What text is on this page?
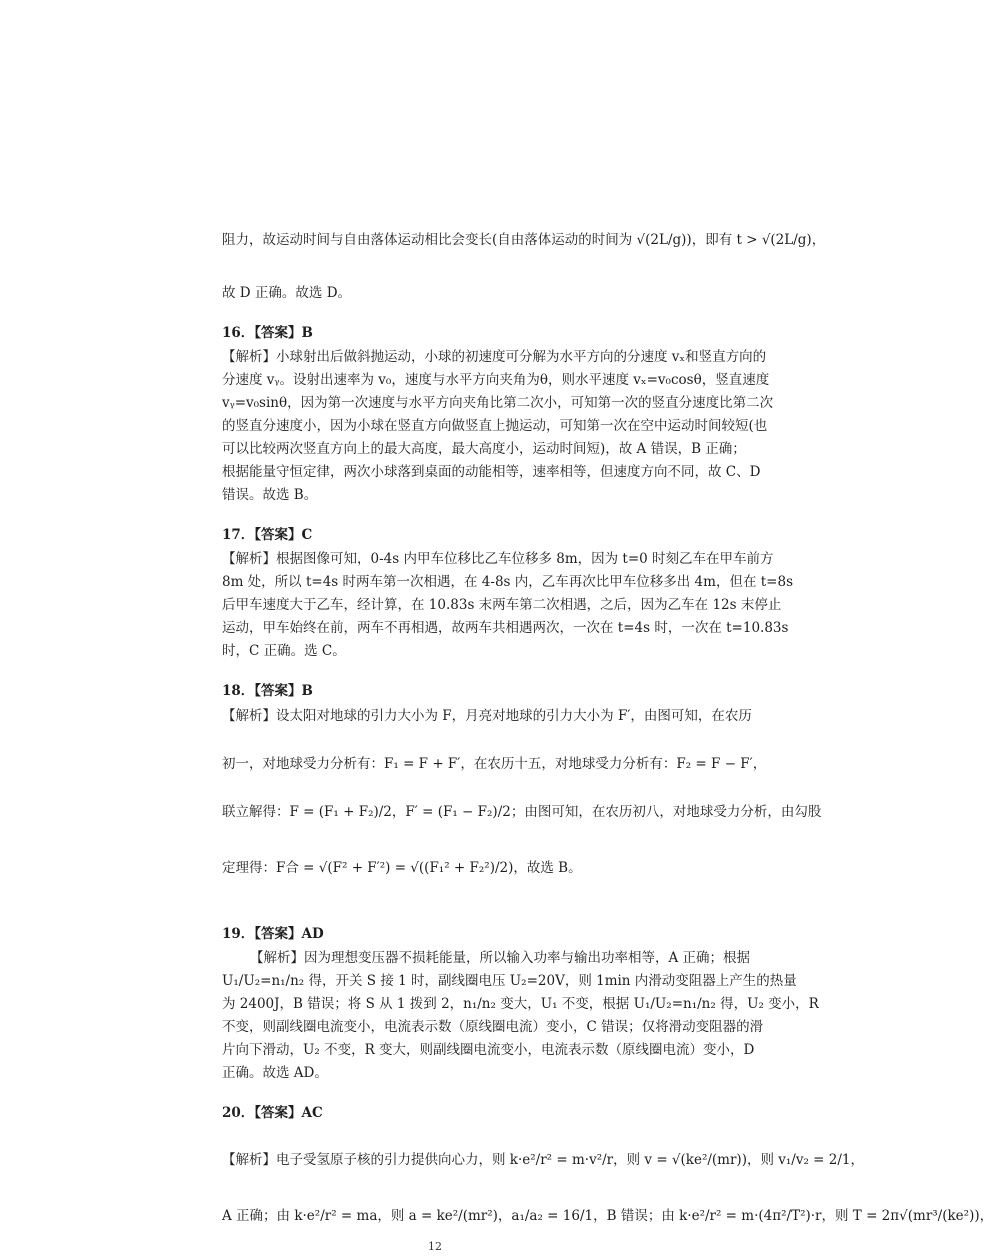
12
阻力，故运动时间与自由落体运动相比会变长(自由落体运动的时间为 √(2L/g))，即有 t > √(2L/g)，
故 D 正确。故选 D。
16．【答案】B
【解析】小球射出后做斜抛运动，小球的初速度可分解为水平方向的分速度 vₓ和竖直方向的
分速度 vᵧ。设射出速率为 v₀，速度与水平方向夹角为θ，则水平速度 vₓ=v₀cosθ，竖直速度
vᵧ=v₀sinθ，因为第一次速度与水平方向夹角比第二次小，可知第一次的竖直分速度比第二次
的竖直分速度小，因为小球在竖直方向做竖直上抛运动，可知第一次在空中运动时间较短(也
可以比较两次竖直方向上的最大高度，最大高度小，运动时间短)，故 A 错误，B 正确；
根据能量守恒定律，两次小球落到桌面的动能相等，速率相等，但速度方向不同，故 C、D
错误。故选 B。
17．【答案】C
【解析】根据图像可知，0-4s 内甲车位移比乙车位移多 8m，因为 t=0 时刻乙车在甲车前方
8m 处，所以 t=4s 时两车第一次相遇，在 4-8s 内，乙车再次比甲车位移多出 4m，但在 t=8s
后甲车速度大于乙车，经计算，在 10.83s 末两车第二次相遇，之后，因为乙车在 12s 末停止
运动，甲车始终在前，两车不再相遇，故两车共相遇两次，一次在 t=4s 时，一次在 t=10.83s
时，C 正确。选 C。
18．【答案】B
【解析】设太阳对地球的引力大小为 F，月亮对地球的引力大小为 F′，由图可知，在农历
初一，对地球受力分析有：F₁ = F + F′，在农历十五，对地球受力分析有：F₂ = F − F′，
联立解得：F = (F₁ + F₂)/2，F′ = (F₁ − F₂)/2；由图可知，在农历初八，对地球受力分析，由勾股
定理得：F合 = √(F² + F′²) = √((F₁² + F₂²)/2)，故选 B。
19．【答案】AD
【解析】因为理想变压器不损耗能量，所以输入功率与输出功率相等，A 正确；根据
U₁/U₂=n₁/n₂ 得，开关 S 接 1 时，副线圈电压 U₂=20V，则 1min 内滑动变阻器上产生的热量
为 2400J，B 错误；将 S 从 1 拨到 2，n₁/n₂ 变大，U₁ 不变，根据 U₁/U₂=n₁/n₂ 得，U₂ 变小，R
不变，则副线圈电流变小，电流表示数（原线圈电流）变小，C 错误；仅将滑动变阻器的滑
片向下滑动，U₂ 不变，R 变大，则副线圈电流变小，电流表示数（原线圈电流）变小，D
正确。故选 AD。
20．【答案】AC
【解析】电子受氢原子核的引力提供向心力，则 k·e²/r² = m·v²/r，则 v = √(ke²/(mr))，则 v₁/v₂ = 2/1，
A 正确；由 k·e²/r² = ma，则 a = ke²/(mr²)，a₁/a₂ = 16/1，B 错误；由 k·e²/r² = m·(4π²/T²)·r，则 T = 2π√(mr³/(ke²))，
